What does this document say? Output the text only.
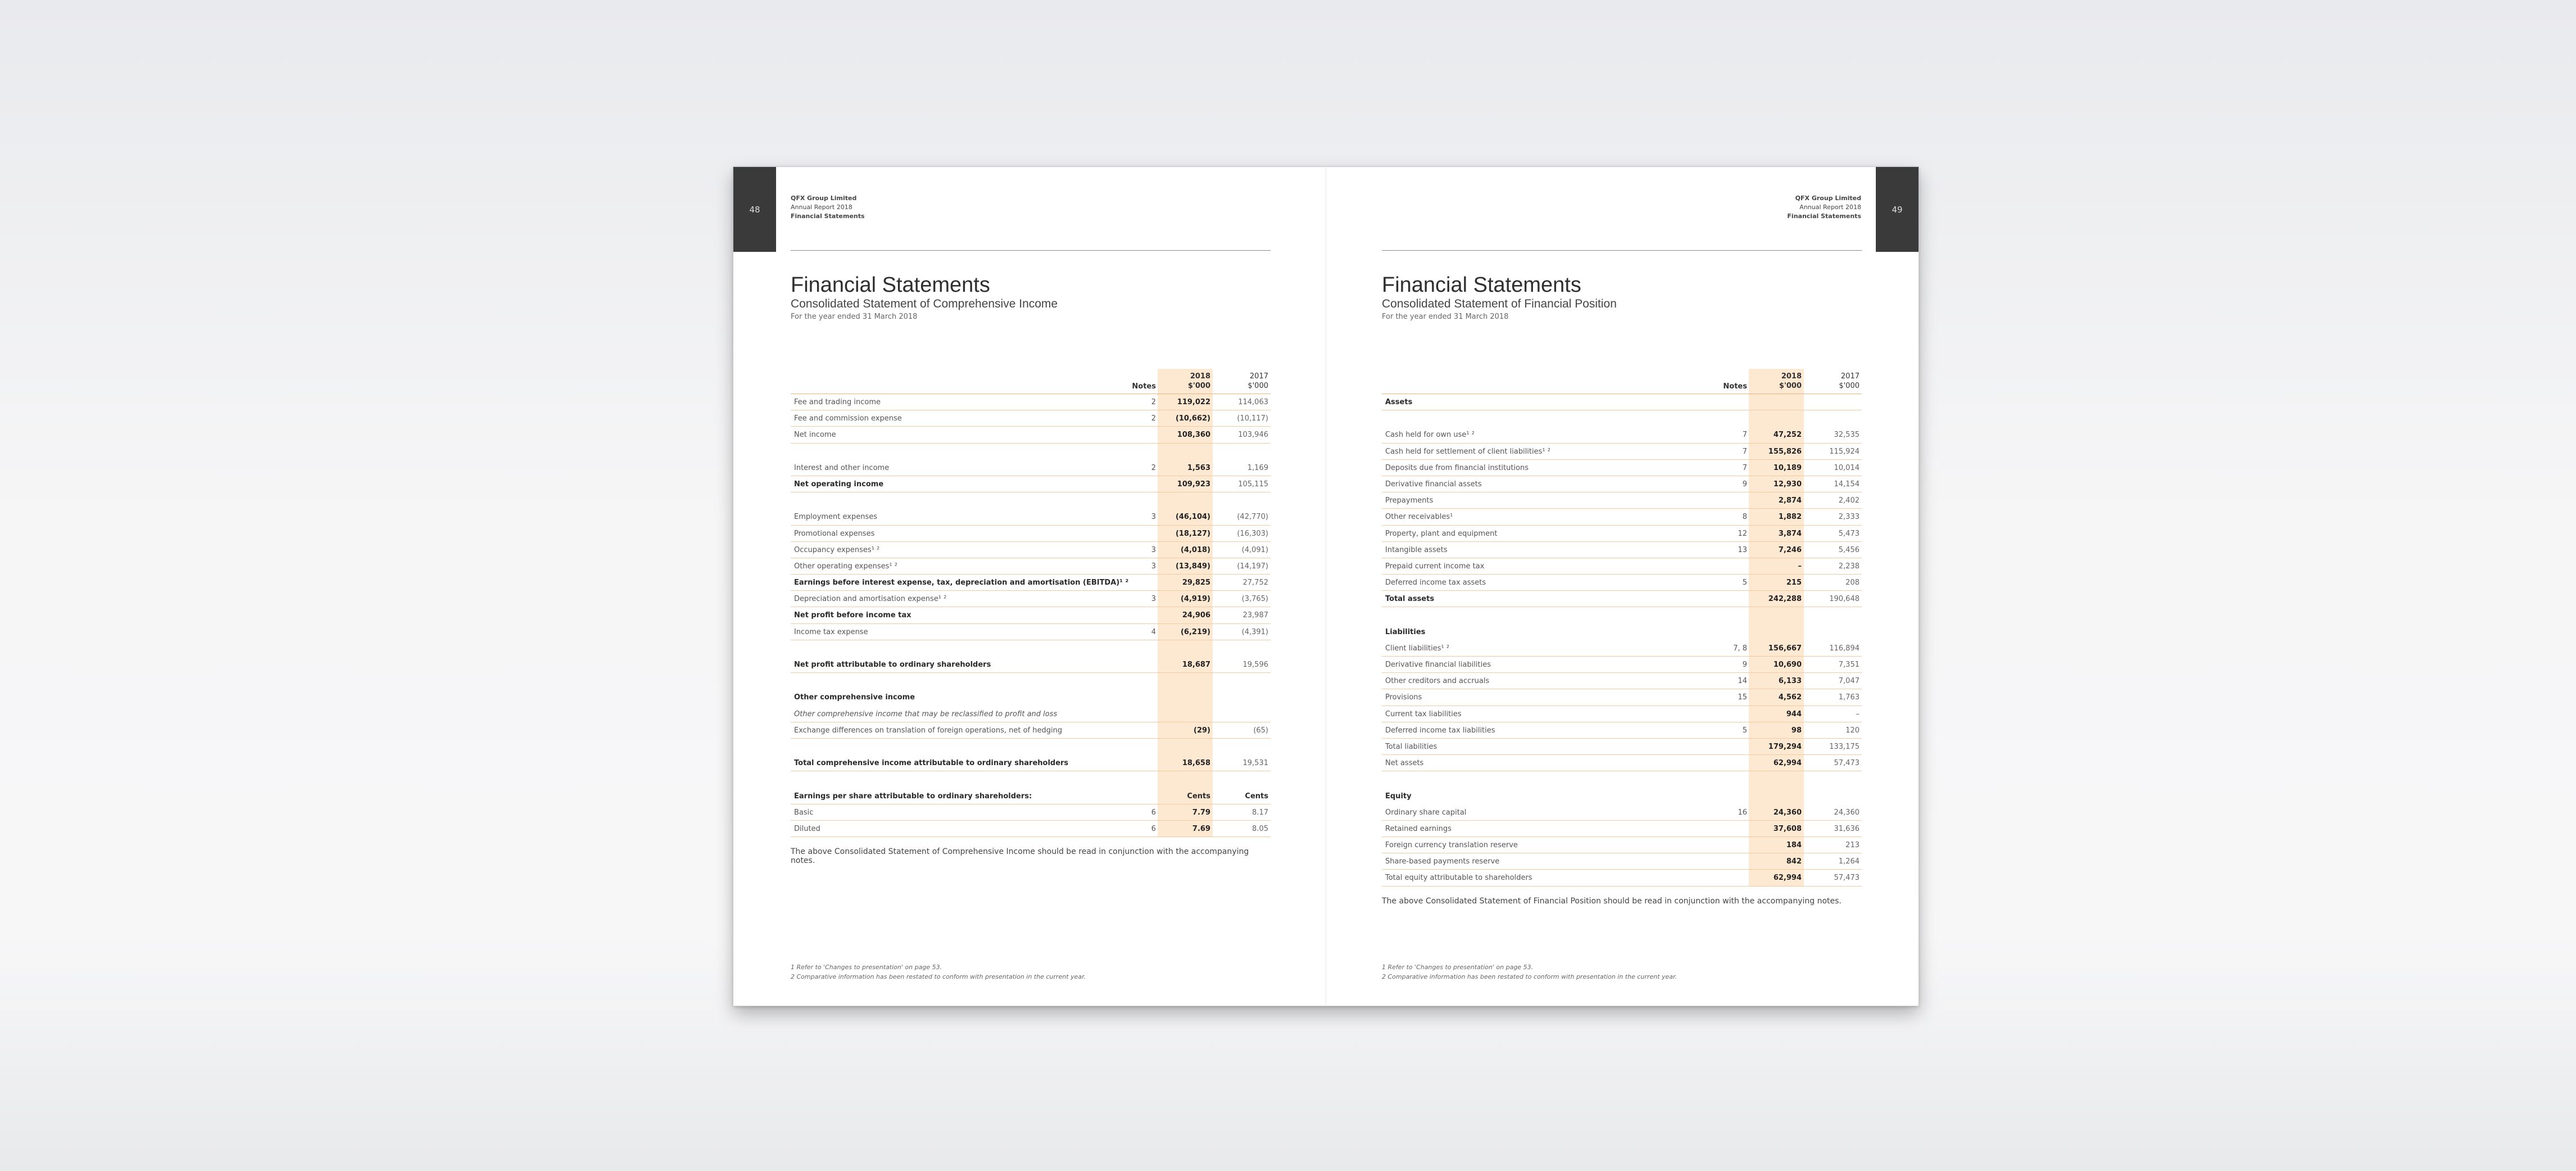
48
QFX Group Limited
Annual Report 2018
Financial Statements
Financial Statements
Consolidated Statement of Comprehensive Income
For the year ended 31 March 2018
Notes
2018
$'000
2017
$'000
Fee and trading income	2	119,022	114,063
Fee and commission expense	2	(10,662)	(10,117)
Net income	108,360	103,946
Interest and other income	2	1,563	1,169
Net operating income	109,923	105,115
Employment expenses	3	(46,104)	(42,770)
Promotional expenses	(18,127)	(16,303)
Occupancy expenses¹ ²	3	(4,018)	(4,091)
Other operating expenses¹ ²	3	(13,849)	(14,197)
Earnings before interest expense, tax, depreciation and amortisation (EBITDA)¹ ²	29,825	27,752
Depreciation and amortisation expense¹ ²	3	(4,919)	(3,765)
Net profit before income tax	24,906	23,987
Income tax expense	4	(6,219)	(4,391)
Net profit attributable to ordinary shareholders	18,687	19,596
Other comprehensive income
Other comprehensive income that may be reclassified to profit and loss
Exchange differences on translation of foreign operations, net of hedging	(29)	(65)
Total comprehensive income attributable to ordinary shareholders	18,658	19,531
Earnings per share attributable to ordinary shareholders:	Cents	Cents
Basic	6	7.79	8.17
Diluted	6	7.69	8.05
The above Consolidated Statement of Comprehensive Income should be read in conjunction with the accompanying notes.
1 Refer to 'Changes to presentation' on page 53.
2 Comparative information has been restated to conform with presentation in the current year.
49
QFX Group Limited
Annual Report 2018
Financial Statements
Financial Statements
Consolidated Statement of Financial Position
For the year ended 31 March 2018
Notes
2018
$'000
2017
$'000
Assets
Cash held for own use¹ ²	7	47,252	32,535
Cash held for settlement of client liabilities¹ ²	7	155,826	115,924
Deposits due from financial institutions	7	10,189	10,014
Derivative financial assets	9	12,930	14,154
Prepayments	2,874	2,402
Other receivables¹	8	1,882	2,333
Property, plant and equipment	12	3,874	5,473
Intangible assets	13	7,246	5,456
Prepaid current income tax	–	2,238
Deferred income tax assets	5	215	208
Total assets	242,288	190,648
Liabilities
Client liabilities¹ ²	7, 8	156,667	116,894
Derivative financial liabilities	9	10,690	7,351
Other creditors and accruals	14	6,133	7,047
Provisions	15	4,562	1,763
Current tax liabilities	944	–
Deferred income tax liabilities	5	98	120
Total liabilities	179,294	133,175
Net assets	62,994	57,473
Equity
Ordinary share capital	16	24,360	24,360
Retained earnings	37,608	31,636
Foreign currency translation reserve	184	213
Share-based payments reserve	842	1,264
Total equity attributable to shareholders	62,994	57,473
The above Consolidated Statement of Financial Position should be read in conjunction with the accompanying notes.
1 Refer to 'Changes to presentation' on page 53.
2 Comparative information has been restated to conform with presentation in the current year.
